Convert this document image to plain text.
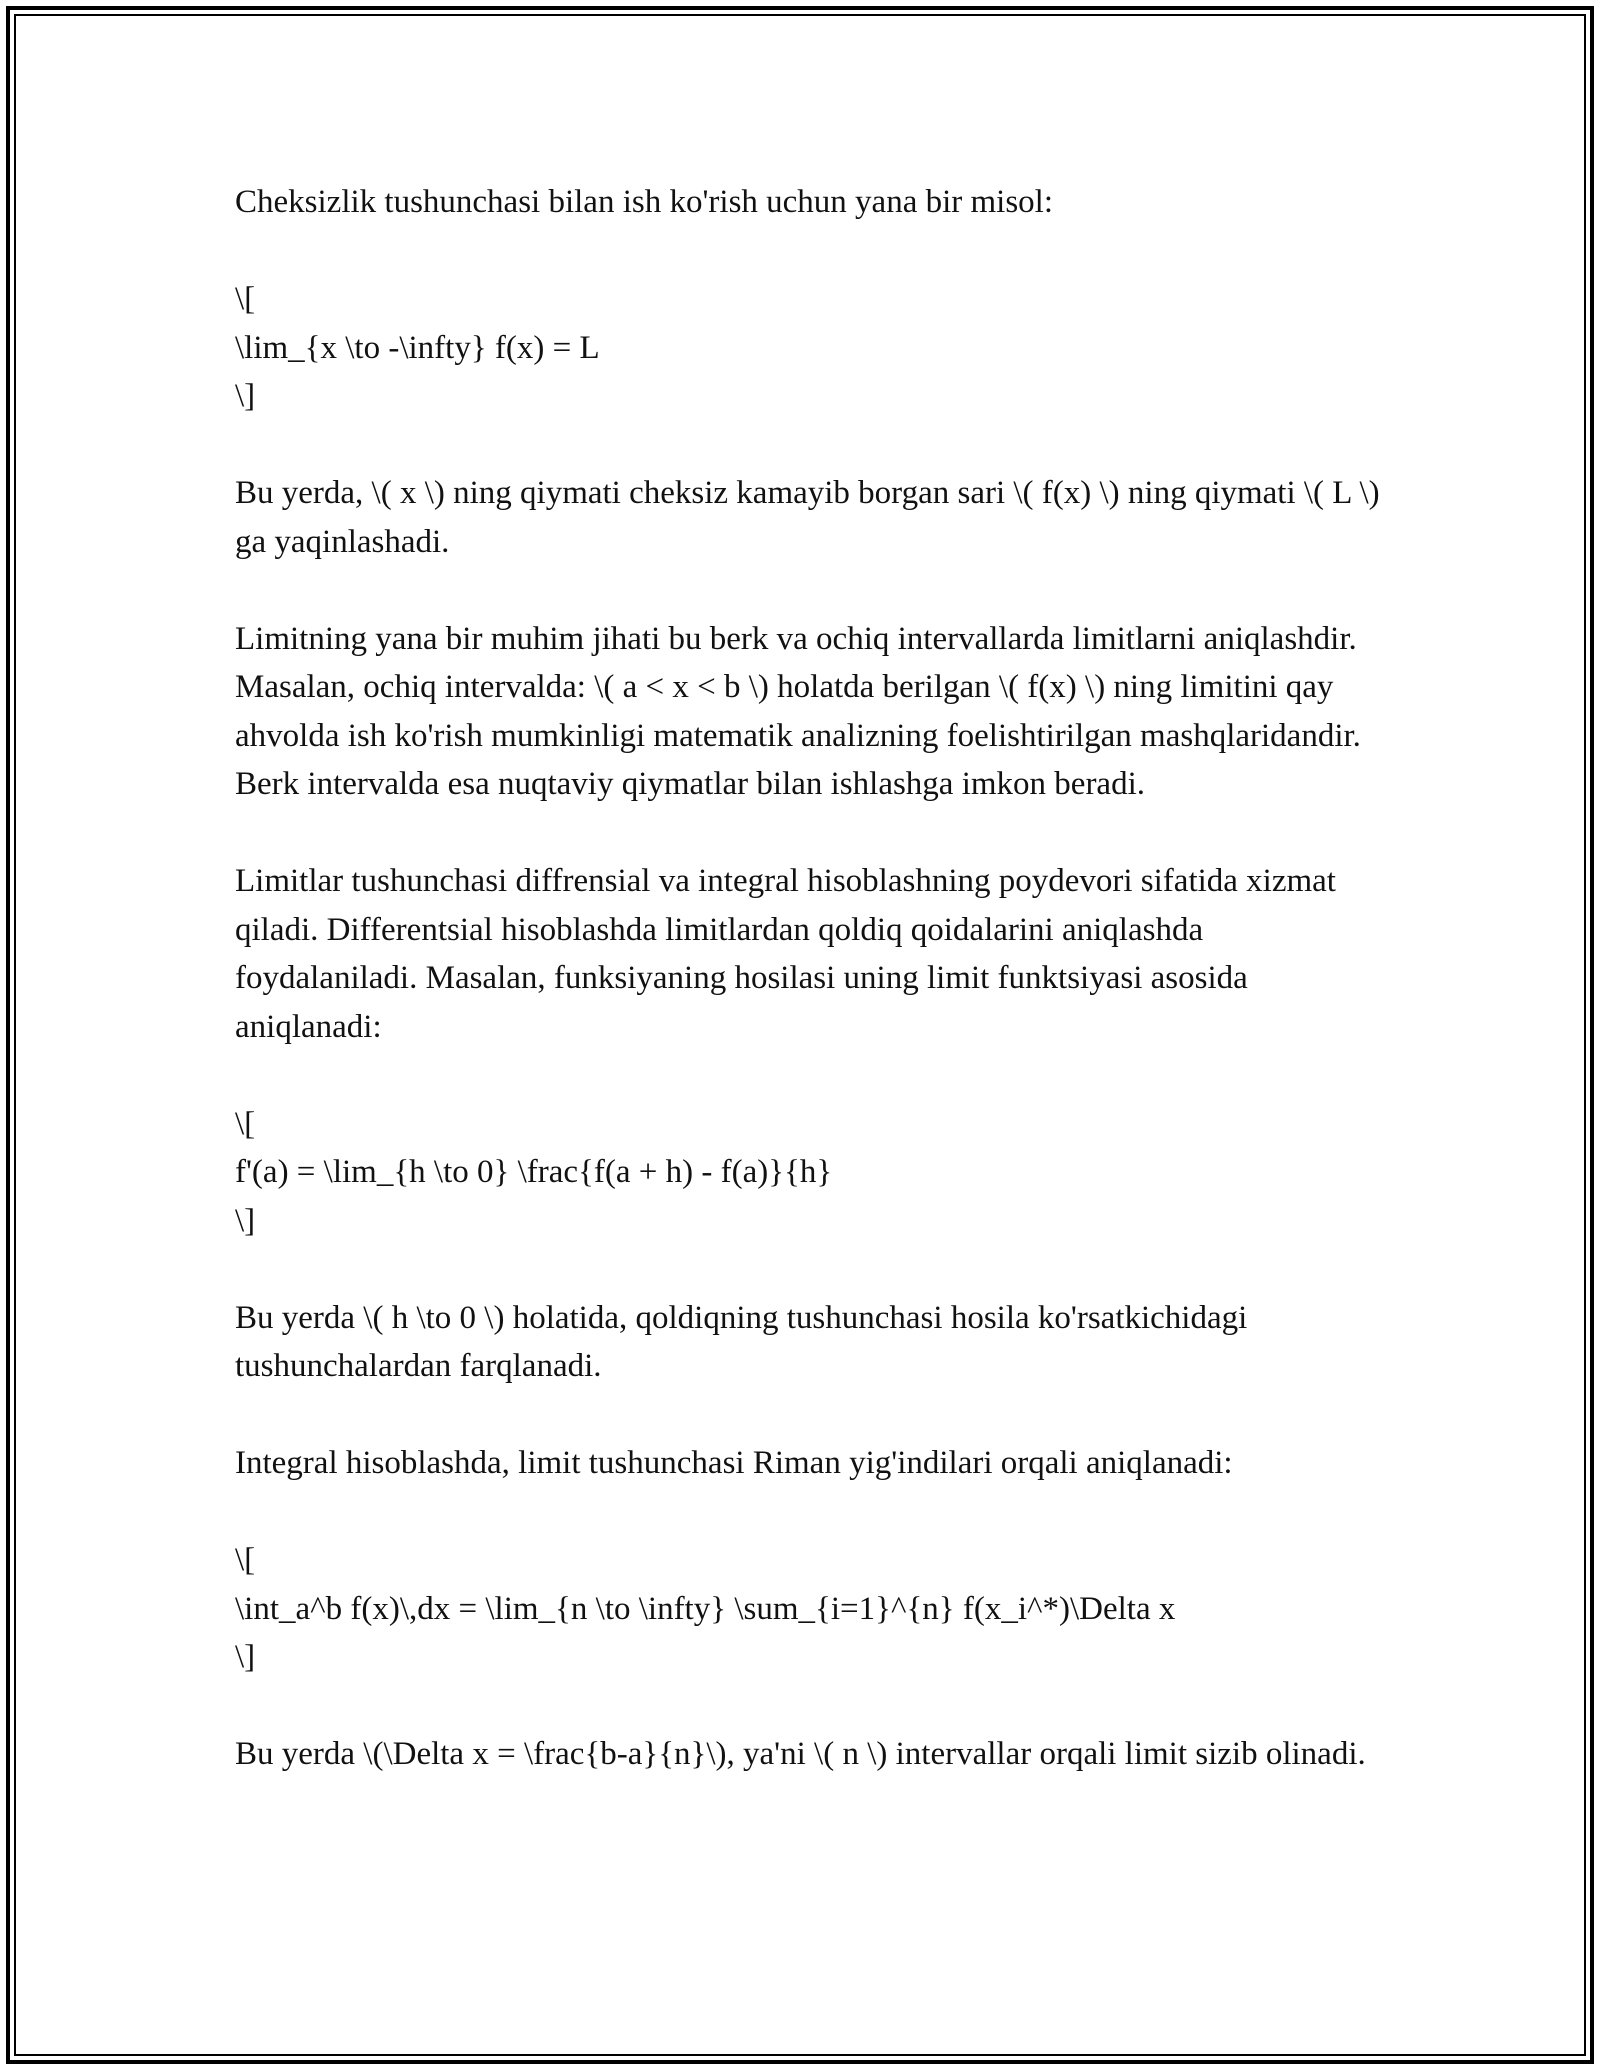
Cheksizlik tushunchasi bilan ish ko'rish uchun yana bir misol:

\[
\lim_{x \to -\infty} f(x) = L
\]

Bu yerda, \( x \) ning qiymati cheksiz kamayib borgan sari \( f(x) \) ning qiymati \( L \) ga yaqinlashadi.

Limitning yana bir muhim jihati bu berk va ochiq intervallarda limitlarni aniqlashdir. Masalan, ochiq intervalda: \( a < x < b \) holatda berilgan \( f(x) \) ning limitini qay ahvolda ish ko'rish mumkinligi matematik analizning foelishtirilgan mashqlaridandir. Berk intervalda esa nuqtaviy qiymatlar bilan ishlashga imkon beradi.

Limitlar tushunchasi diffrensial va integral hisoblashning poydevori sifatida xizmat qiladi. Differentsial hisoblashda limitlardan qoldiq qoidalarini aniqlashda foydalaniladi. Masalan, funksiyaning hosilasi uning limit funktsiyasi asosida aniqlanadi:

\[
f'(a) = \lim_{h \to 0} \frac{f(a + h) - f(a)}{h}
\]

Bu yerda \( h \to 0 \) holatida, qoldiqning tushunchasi hosila ko'rsatkichidagi tushunchalardan farqlanadi.

Integral hisoblashda, limit tushunchasi Riman yig'indilari orqali aniqlanadi:

\[
\int_a^b f(x)\,dx = \lim_{n \to \infty} \sum_{i=1}^{n} f(x_i^*)\Delta x
\]

Bu yerda \(\Delta x = \frac{b-a}{n}\), ya'ni \( n \) intervallar orqali limit sizib olinadi.
